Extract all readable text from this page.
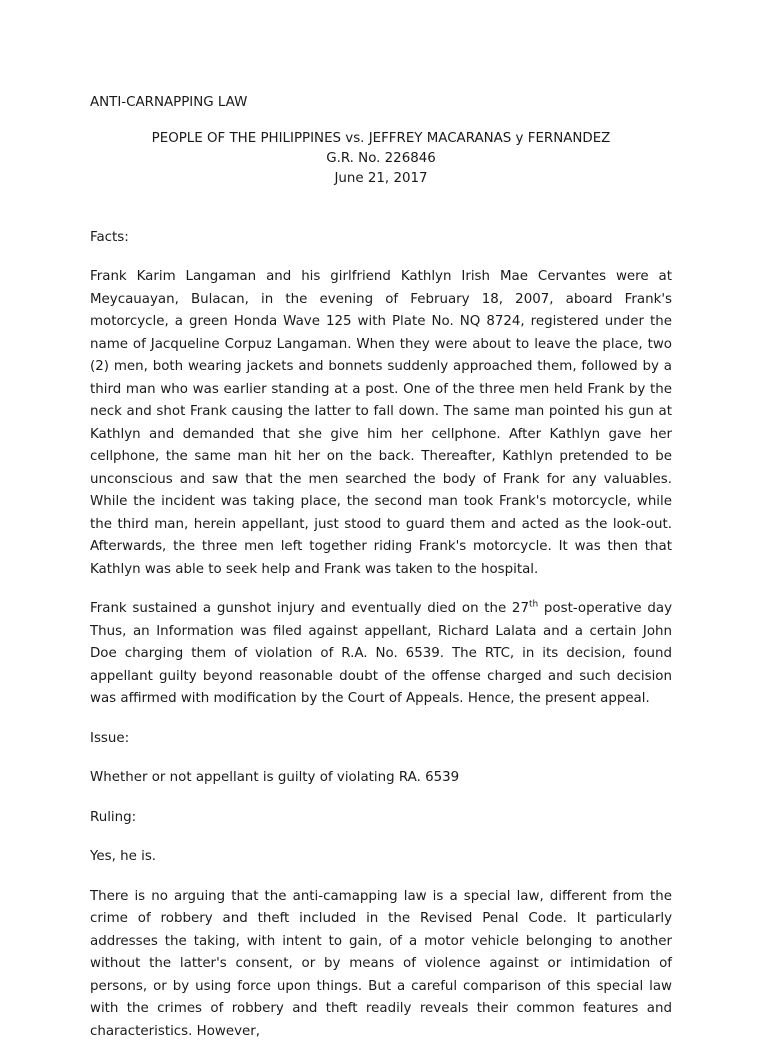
ANTI-CARNAPPING LAW
PEOPLE OF THE PHILIPPINES vs. JEFFREY MACARANAS y FERNANDEZ
G.R. No. 226846
June 21, 2017
Facts:

Frank Karim Langaman and his girlfriend Kathlyn Irish Mae Cervantes were at Meycauayan, Bulacan, in the evening of February 18, 2007, aboard Frank's motorcycle, a green Honda Wave 125 with Plate No. NQ 8724, registered under the name of Jacqueline Corpuz Langaman. When they were about to leave the place, two (2) men, both wearing jackets and bonnets suddenly approached them, followed by a third man who was earlier standing at a post. One of the three men held Frank by the neck and shot Frank causing the latter to fall down. The same man pointed his gun at Kathlyn and demanded that she give him her cellphone. After Kathlyn gave her cellphone, the same man hit her on the back. Thereafter, Kathlyn pretended to be unconscious and saw that the men searched the body of Frank for any valuables. While the incident was taking place, the second man took Frank's motorcycle, while the third man, herein appellant, just stood to guard them and acted as the look-out. Afterwards, the three men left together riding Frank's motorcycle. It was then that Kathlyn was able to seek help and Frank was taken to the hospital.

Frank sustained a gunshot injury and eventually died on the 27th post-operative day Thus, an Information was filed against appellant, Richard Lalata and a certain John Doe charging them of violation of R.A. No. 6539. The RTC, in its decision, found appellant guilty beyond reasonable doubt of the offense charged and such decision was affirmed with modification by the Court of Appeals. Hence, the present appeal.

Issue:
Whether or not appellant is guilty of violating RA. 6539
Ruling:
Yes, he is.

There is no arguing that the anti-camapping law is a special law, different from the crime of robbery and theft included in the Revised Penal Code. It particularly addresses the taking, with intent to gain, of a motor vehicle belonging to another without the latter's consent, or by means of violence against or intimidation of persons, or by using force upon things. But a careful comparison of this special law with the crimes of robbery and theft readily reveals their common features and characteristics. However,
